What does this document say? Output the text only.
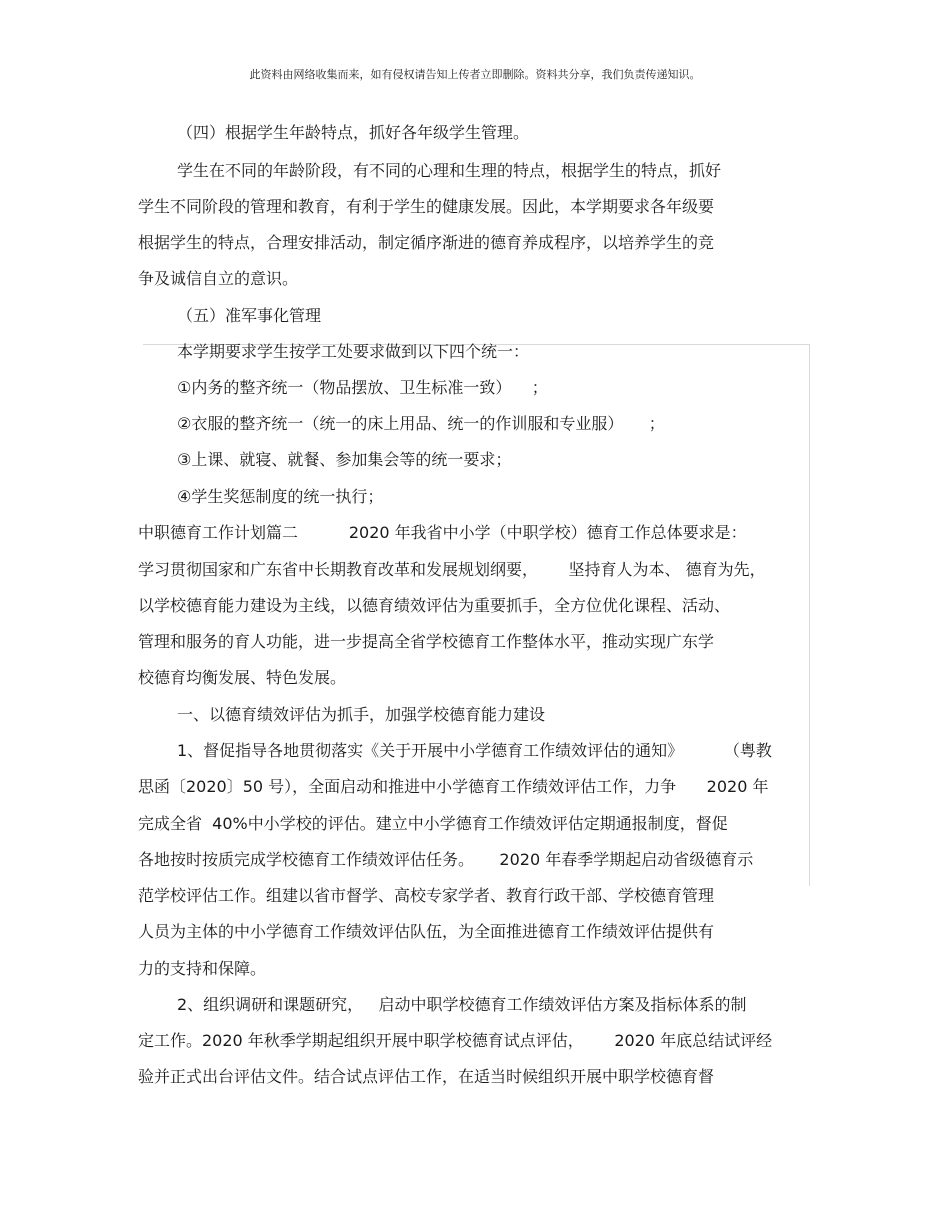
此资料由网络收集而来，如有侵权请告知上传者立即删除。资料共分享，我们负责传递知识。
（四）根据学生年龄特点，抓好各年级学生管理。
学生在不同的年龄阶段，有不同的心理和生理的特点，根据学生的特点，抓好
学生不同阶段的管理和教育，有利于学生的健康发展。因此，本学期要求各年级要
根据学生的特点，合理安排活动，制定循序渐进的德育养成程序，以培养学生的竞
争及诚信自立的意识。
（五）准军事化管理
本学期要求学生按学工处要求做到以下四个统一：
①内务的整齐统一（物品摆放、卫生标准一致）    ；
②衣服的整齐统一（统一的床上用品、统一的作训服和专业服）     ；
③上课、就寝、就餐、参加集会等的统一要求；
④学生奖惩制度的统一执行；
中职德育工作计划篇二          2020 年我省中小学（中职学校）德育工作总体要求是：
学习贯彻国家和广东省中长期教育改革和发展规划纲要，      坚持育人为本、 德育为先，
以学校德育能力建设为主线，以德育绩效评估为重要抓手，全方位优化课程、活动、
管理和服务的育人功能，进一步提高全省学校德育工作整体水平，推动实现广东学
校德育均衡发展、特色发展。
一、以德育绩效评估为抓手，加强学校德育能力建设
1、督促指导各地贯彻落实《关于开展中小学德育工作绩效评估的通知》        （粤教
思函〔2020〕50 号），全面启动和推进中小学德育工作绩效评估工作，力争      2020 年
完成全省  40%中小学校的评估。建立中小学德育工作绩效评估定期通报制度，督促
各地按时按质完成学校德育工作绩效评估任务。     2020 年春季学期起启动省级德育示
范学校评估工作。组建以省市督学、高校专家学者、教育行政干部、学校德育管理
人员为主体的中小学德育工作绩效评估队伍，为全面推进德育工作绩效评估提供有
力的支持和保障。
2、组织调研和课题研究，   启动中职学校德育工作绩效评估方案及指标体系的制
定工作。2020 年秋季学期起组织开展中职学校德育试点评估，      2020 年底总结试评经
验并正式出台评估文件。结合试点评估工作，在适当时候组织开展中职学校德育督
